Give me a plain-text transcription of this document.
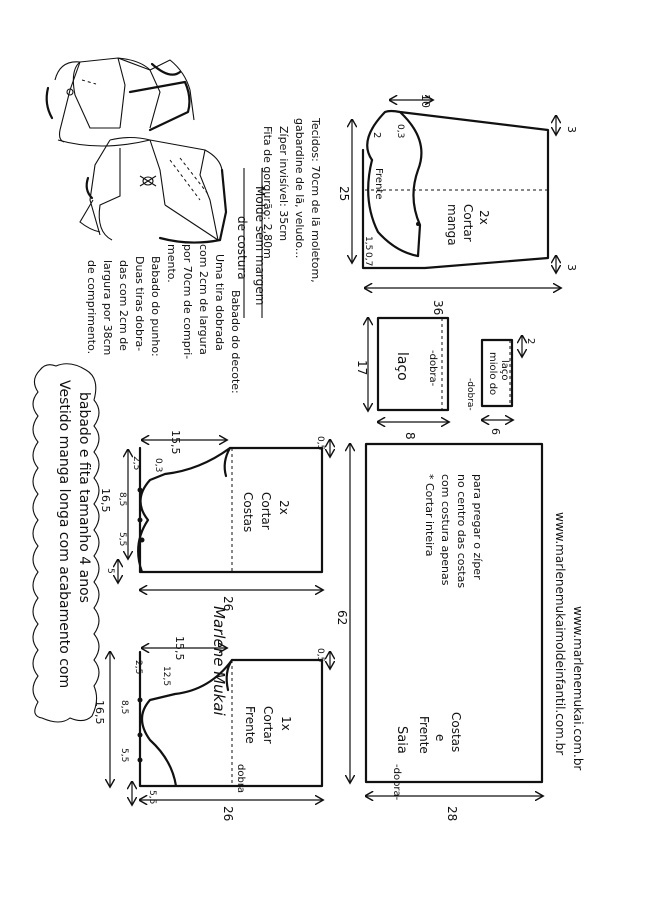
10
3
3
25
36
2 0,3
1,5
0,7
Frente
manga Cortar 2x
Tecidos: 70cm de lã moletom,
gabardine de lã, veludo...
Zíper invisível: 35cm
Fita de gorgurão: 2,80m
Molde sem margem
de costura
Babado do decote:
Uma tira dobrada
com 2cm de largura
por 70cm de compri-
mento.
Babado do punho:
Duas tiras dobra-
das com 2cm de
largura por 38cm
de comprimento.
17
8
laço -dobra-
2
6
miolo do laço
-dobra-
Vestido manga longa com acabamento com babado e fita tamanho 4 anos	15,5
16,5
2,5 0,3
8,5
5,5
5
0,5
26
Costas Cortar 2x
Marlene Mukai
15,5
16,5
2,5 12,5
8,5
5,5
5,5
0,5
26
Frente Cortar 1x
dobra
62
28
* Cortar inteira com costura apenas no centro das costas para pregar o zíper
Saia Frente e Costas
-dobra-
www.marlenemukaimoldeinfantil.com.br www.marlenemukai.com.br
